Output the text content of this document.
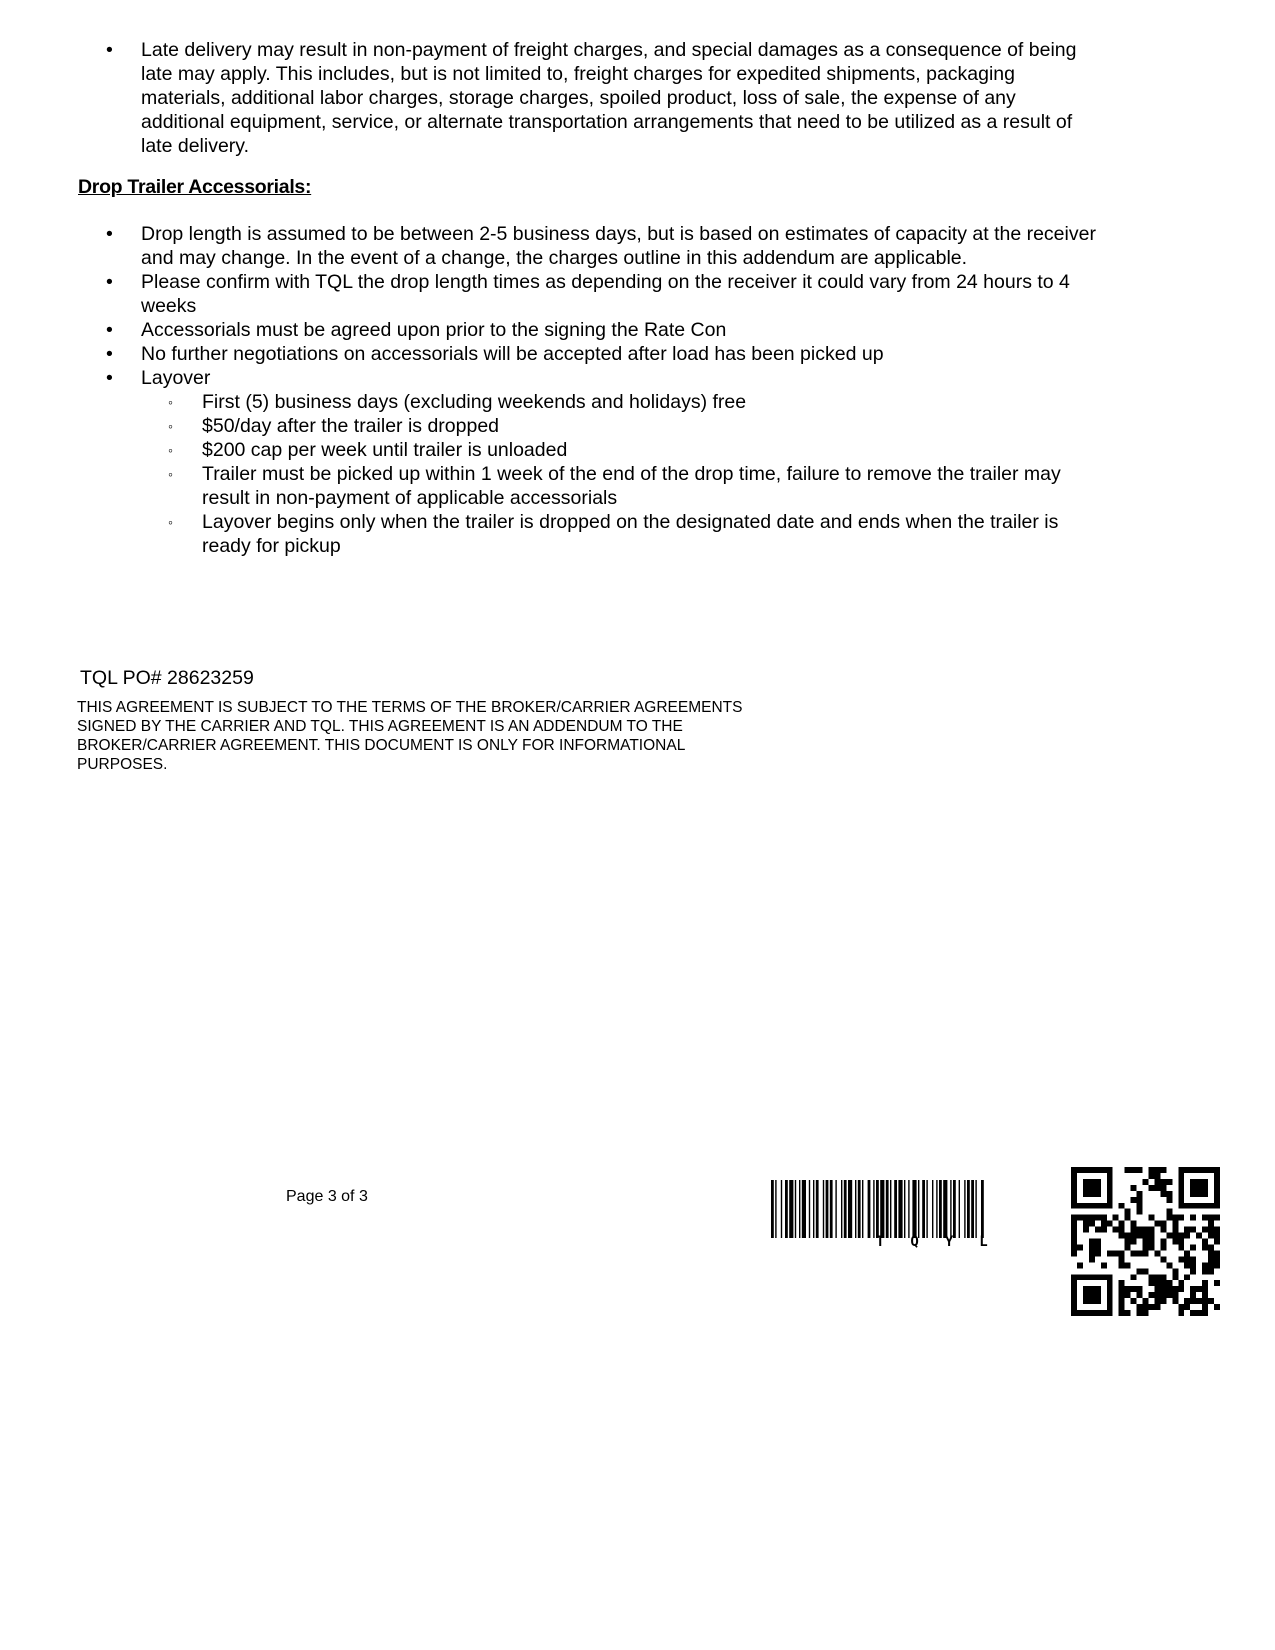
• Late delivery may result in non-payment of freight charges, and special damages as a consequence of being late may apply. This includes, but is not limited to, freight charges for expedited shipments, packaging materials, additional labor charges, storage charges, spoiled product, loss of sale, the expense of any additional equipment, service, or alternate transportation arrangements that need to be utilized as a result of late delivery.
Drop Trailer Accessorials:
• Drop length is assumed to be between 2-5 business days, but is based on estimates of capacity at the receiver and may change. In the event of a change, the charges outline in this addendum are applicable.
• Please confirm with TQL the drop length times as depending on the receiver it could vary from 24 hours to 4 weeks
• Accessorials must be agreed upon prior to the signing the Rate Con
• No further negotiations on accessorials will be accepted after load has been picked up
• Layover
◦ First (5) business days (excluding weekends and holidays) free
◦ $50/day after the trailer is dropped
◦ $200 cap per week until trailer is unloaded
◦ Trailer must be picked up within 1 week of the end of the drop time, failure to remove the trailer may result in non-payment of applicable accessorials
◦ Layover begins only when the trailer is dropped on the designated date and ends when the trailer is ready for pickup
TQL PO# 28623259
THIS AGREEMENT IS SUBJECT TO THE TERMS OF THE BROKER/CARRIER AGREEMENTS SIGNED BY THE CARRIER AND TQL. THIS AGREEMENT IS AN ADDENDUM TO THE BROKER/CARRIER AGREEMENT. THIS DOCUMENT IS ONLY FOR INFORMATIONAL PURPOSES.
Page 3 of 3
TQYL
